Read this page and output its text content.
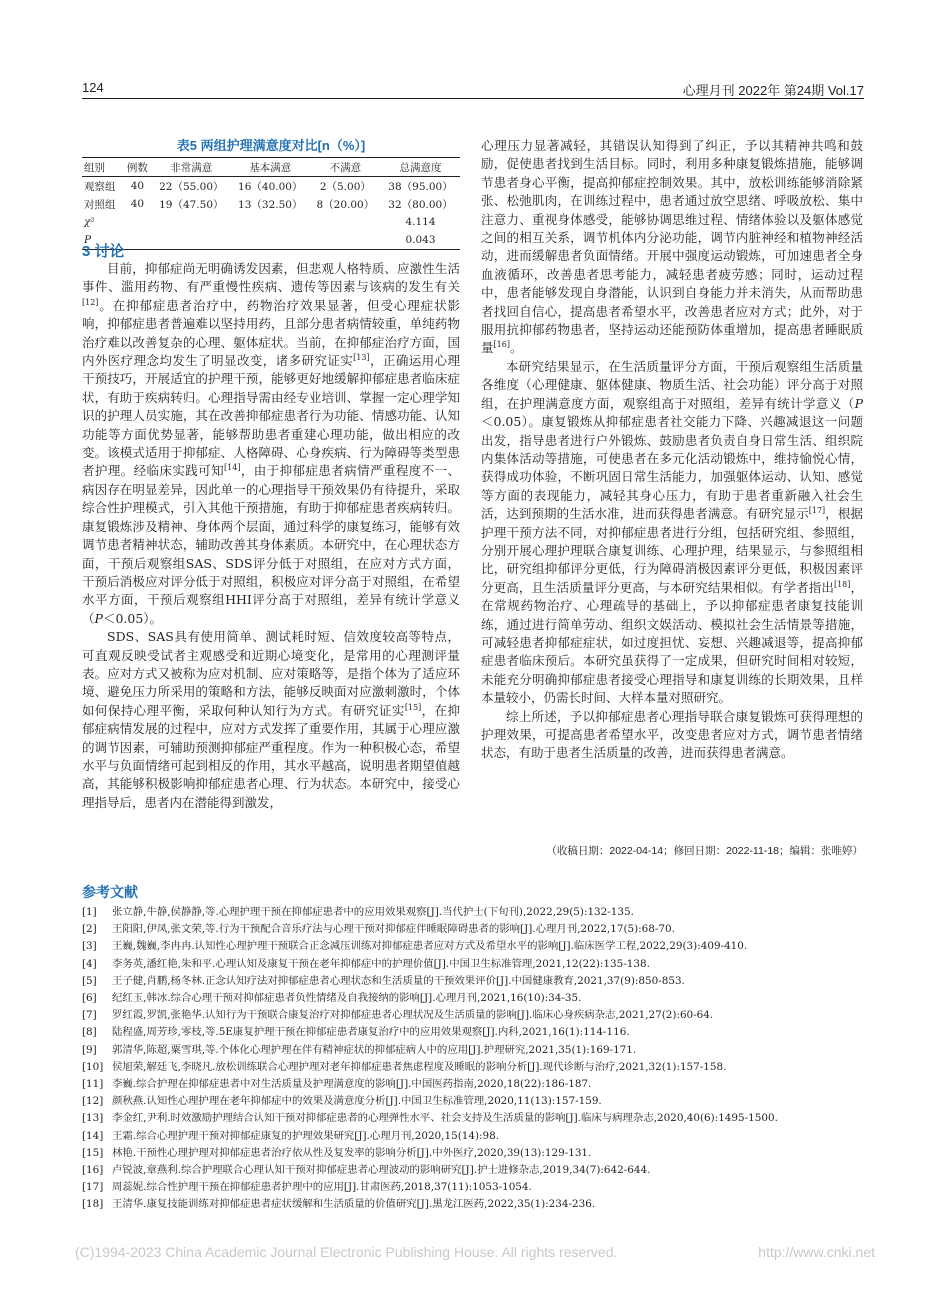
124	心理月刊 2022年 第24期 Vol.17
表5 两组护理满意度对比[n（%）]
组别	例数	非常满意	基本满意	不满意	总满意度
观察组	40	22（55.00）	16（40.00）	2（5.00）	38（95.00）
对照组	40	19（47.50）	13（32.50）	8（20.00）	32（80.00）
χ²					4.114
P					0.043
3 讨论

目前，抑郁症尚无明确诱发因素，但悲观人格特质、应激性生活事件、滥用药物、有严重慢性疾病、遗传等因素与该病的发生有关[12]。在抑郁症患者治疗中，药物治疗效果显著，但受心理症状影响，抑郁症患者普遍难以坚持用药，且部分患者病情较重，单纯药物治疗难以改善复杂的心理、躯体症状。当前，在抑郁症治疗方面，国内外医疗理念均发生了明显改变，诸多研究证实[13]，正确运用心理干预技巧，开展适宜的护理干预，能够更好地缓解抑郁症患者临床症状，有助于疾病转归。心理指导需由经专业培训、掌握一定心理学知识的护理人员实施，其在改善抑郁症患者行为功能、情感功能、认知功能等方面优势显著，能够帮助患者重建心理功能，做出相应的改变。该模式适用于抑郁症、人格障碍、心身疾病、行为障碍等类型患者护理。经临床实践可知[14]，由于抑郁症患者病情严重程度不一、病因存在明显差异，因此单一的心理指导干预效果仍有待提升，采取综合性护理模式，引入其他干预措施，有助于抑郁症患者疾病转归。康复锻炼涉及精神、身体两个层面，通过科学的康复练习，能够有效调节患者精神状态，辅助改善其身体素质。本研究中，在心理状态方面，干预后观察组SAS、SDS评分低于对照组，在应对方式方面，干预后消极应对评分低于对照组，积极应对评分高于对照组，在希望水平方面，干预后观察组HHI评分高于对照组，差异有统计学意义（P＜0.05）。

SDS、SAS具有使用简单、测试耗时短、信效度较高等特点，可直观反映受试者主观感受和近期心境变化，是常用的心理测评量表。应对方式又被称为应对机制、应对策略等，是指个体为了适应环境、避免压力所采用的策略和方法，能够反映面对应激刺激时，个体如何保持心理平衡，采取何种认知行为方式。有研究证实[15]，在抑郁症病情发展的过程中，应对方式发挥了重要作用，其属于心理应激的调节因素，可辅助预测抑郁症严重程度。作为一种积极心态，希望水平与负面情绪可起到相反的作用，其水平越高，说明患者期望值越高，其能够积极影响抑郁症患者心理、行为状态。本研究中，接受心理指导后，患者内在潜能得到激发，

心理压力显著减轻，其错误认知得到了纠正，予以其精神共鸣和鼓励，促使患者找到生活目标。同时，利用多种康复锻炼措施，能够调节患者身心平衡，提高抑郁症控制效果。其中，放松训练能够消除紧张、松弛肌肉，在训练过程中，患者通过放空思绪、呼吸放松、集中注意力、重视身体感受，能够协调思维过程、情绪体验以及躯体感觉之间的相互关系，调节机体内分泌功能，调节内脏神经和植物神经活动，进而缓解患者负面情绪。开展中强度运动锻炼，可加速患者全身血液循环，改善患者思考能力，减轻患者疲劳感；同时，运动过程中，患者能够发现自身潜能，认识到自身能力并未消失，从而帮助患者找回自信心，提高患者希望水平，改善患者应对方式；此外，对于服用抗抑郁药物患者，坚持运动还能预防体重增加，提高患者睡眠质量[16]。

本研究结果显示，在生活质量评分方面，干预后观察组生活质量各维度（心理健康、躯体健康、物质生活、社会功能）评分高于对照组，在护理满意度方面，观察组高于对照组，差异有统计学意义（P＜0.05）。康复锻炼从抑郁症患者社交能力下降、兴趣减退这一问题出发，指导患者进行户外锻炼、鼓励患者负责自身日常生活、组织院内集体活动等措施，可使患者在多元化活动锻炼中，维持愉悦心情，获得成功体验，不断巩固日常生活能力，加强躯体运动、认知、感觉等方面的表现能力，减轻其身心压力，有助于患者重新融入社会生活，达到预期的生活水准，进而获得患者满意。有研究显示[17]，根据护理干预方法不同，对抑郁症患者进行分组，包括研究组、参照组，分别开展心理护理联合康复训练、心理护理，结果显示，与参照组相比，研究组抑郁评分更低，行为障碍消极因素评分更低，积极因素评分更高，且生活质量评分更高，与本研究结果相似。有学者指出[18]，在常规药物治疗、心理疏导的基础上，予以抑郁症患者康复技能训练，通过进行简单劳动、组织文娱活动、模拟社会生活情景等措施，可减轻患者抑郁症症状，如过度担忧、妄想、兴趣减退等，提高抑郁症患者临床预后。本研究虽获得了一定成果，但研究时间相对较短，未能充分明确抑郁症患者接受心理指导和康复训练的长期效果，且样本量较小，仍需长时间、大样本量对照研究。

综上所述，予以抑郁症患者心理指导联合康复锻炼可获得理想的护理效果，可提高患者希望水平，改变患者应对方式，调节患者情绪状态，有助于患者生活质量的改善，进而获得患者满意。

（收稿日期：2022-04-14；修回日期：2022-11-18；编辑：张唯婷）
参考文献
[1] 张立静,牛静,侯静静,等.心理护理干预在抑郁症患者中的应用效果观察[J].当代护士(下旬刊),2022,29(5):132-135.
[2] 王阳阳,伊凤,张文荣,等.行为干预配合音乐疗法与心理干预对抑郁症伴睡眠障碍患者的影响[J].心理月刊,2022,17(5):68-70.
[3] 王巍,魏巍,李冉冉.认知性心理护理干预联合正念减压训练对抑郁症患者应对方式及希望水平的影响[J].临床医学工程,2022,29(3):409-410.
[4] 李务英,潘红艳,朱和平.心理认知及康复干预在老年抑郁症中的护理价值[J].中国卫生标准管理,2021,12(22):135-138.
[5] 王子健,肖鹏,杨冬林.正念认知疗法对抑郁症患者心理状态和生活质量的干预效果评价[J].中国健康教育,2021,37(9):850-853.
[6] 纪红玉,韩冰.综合心理干预对抑郁症患者负性情绪及自我接纳的影响[J].心理月刊,2021,16(10):34-35.
[7] 罗红霞,罗凯,张艳华.认知行为干预联合康复治疗对抑郁症患者心理状况及生活质量的影响[J].临床心身疾病杂志,2021,27(2):60-64.
[8] 陆程盛,周芳珍,零枝,等.5E康复护理干预在抑郁症患者康复治疗中的应用效果观察[J].内科,2021,16(1):114-116.
[9] 郭清华,陈超,粟雪琪,等.个体化心理护理在伴有精神症状的抑郁症病人中的应用[J].护理研究,2021,35(1):169-171.
[10] 侯旭荣,解廷飞,李晓凡.放松训练联合心理护理对老年抑郁症患者焦虑程度及睡眠的影响分析[J].现代诊断与治疗,2021,32(1):157-158.
[11] 李巍.综合护理在抑郁症患者中对生活质量及护理满意度的影响[J].中国医药指南,2020,18(22):186-187.
[12] 颜秋燕.认知性心理护理在老年抑郁症中的效果及满意度分析[J].中国卫生标准管理,2020,11(13):157-159.
[13] 李金红,尹利.时效激励护理结合认知干预对抑郁症患者的心理弹性水平、社会支持及生活质量的影响[J].临床与病理杂志,2020,40(6):1495-1500.
[14] 王霜.综合心理护理干预对抑郁症康复的护理效果研究[J].心理月刊,2020,15(14):98.
[15] 林艳.干预性心理护理对抑郁症患者治疗依从性及复发率的影响分析[J].中外医疗,2020,39(13):129-131.
[16] 卢锐波,章燕利.综合护理联合心理认知干预对抑郁症患者心理波动的影响研究[J].护士进修杂志,2019,34(7):642-644.
[17] 周蕊妮.综合性护理干预在抑郁症患者护理中的应用[J].甘肃医药,2018,37(11):1053-1054.
[18] 王清华.康复技能训练对抑郁症患者症状缓解和生活质量的价值研究[J].黑龙江医药,2022,35(1):234-236.
(C)1994-2023 China Academic Journal Electronic Publishing House. All rights reserved.	http://www.cnki.net
